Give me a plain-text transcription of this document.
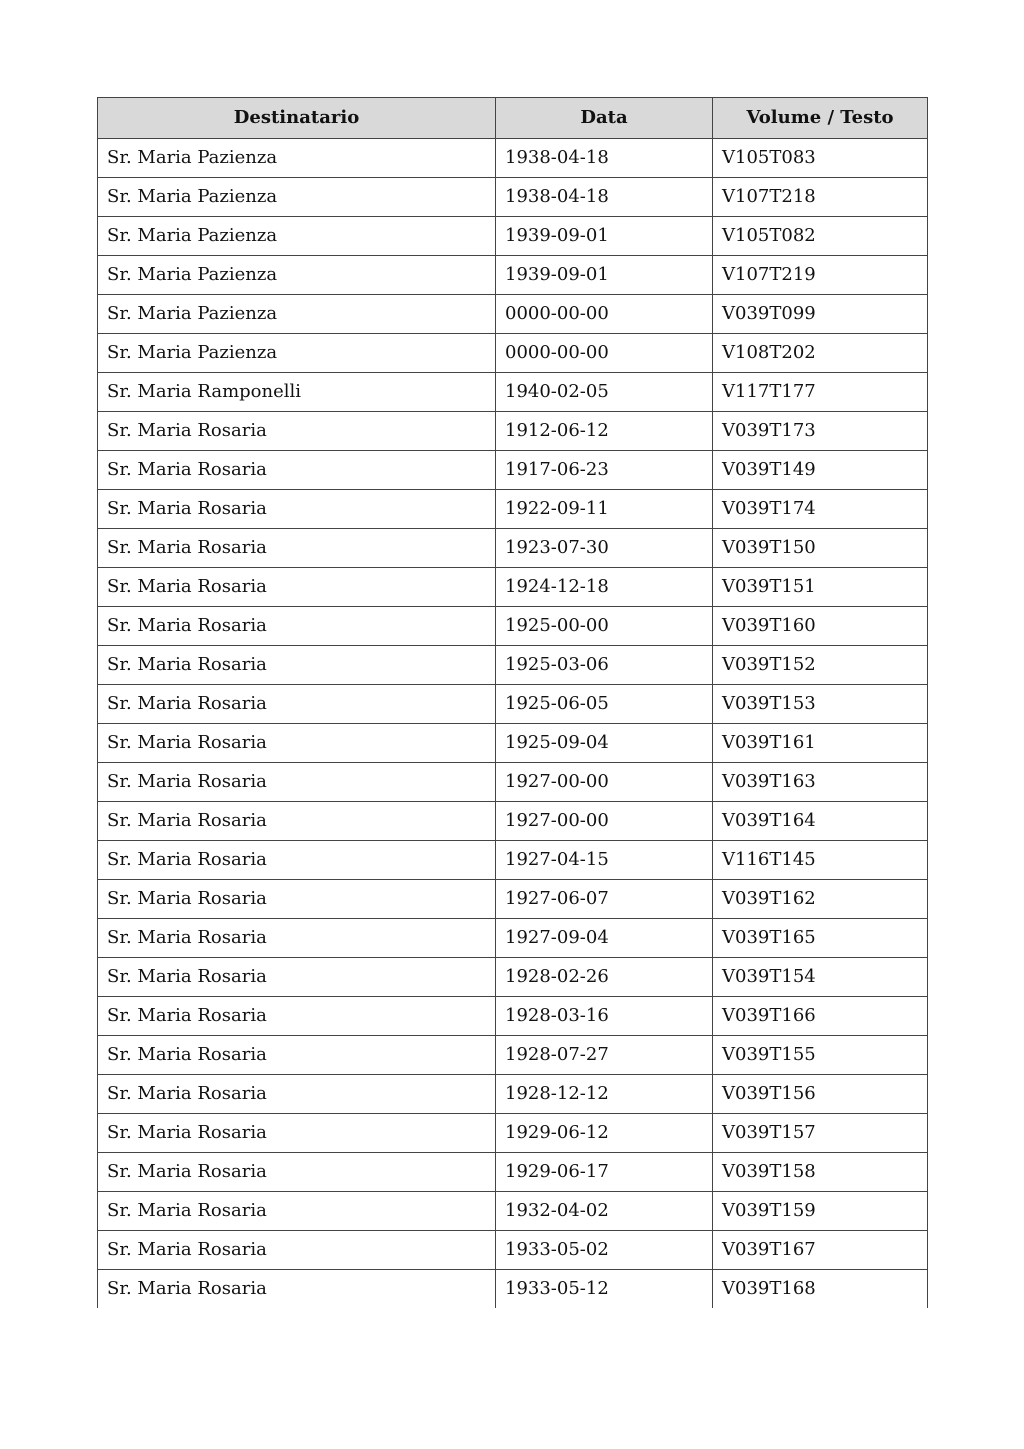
Destinatario	Data	Volume / Testo
Sr. Maria Pazienza	1938-04-18	V105T083
Sr. Maria Pazienza	1938-04-18	V107T218
Sr. Maria Pazienza	1939-09-01	V105T082
Sr. Maria Pazienza	1939-09-01	V107T219
Sr. Maria Pazienza	0000-00-00	V039T099
Sr. Maria Pazienza	0000-00-00	V108T202
Sr. Maria Ramponelli	1940-02-05	V117T177
Sr. Maria Rosaria	1912-06-12	V039T173
Sr. Maria Rosaria	1917-06-23	V039T149
Sr. Maria Rosaria	1922-09-11	V039T174
Sr. Maria Rosaria	1923-07-30	V039T150
Sr. Maria Rosaria	1924-12-18	V039T151
Sr. Maria Rosaria	1925-00-00	V039T160
Sr. Maria Rosaria	1925-03-06	V039T152
Sr. Maria Rosaria	1925-06-05	V039T153
Sr. Maria Rosaria	1925-09-04	V039T161
Sr. Maria Rosaria	1927-00-00	V039T163
Sr. Maria Rosaria	1927-00-00	V039T164
Sr. Maria Rosaria	1927-04-15	V116T145
Sr. Maria Rosaria	1927-06-07	V039T162
Sr. Maria Rosaria	1927-09-04	V039T165
Sr. Maria Rosaria	1928-02-26	V039T154
Sr. Maria Rosaria	1928-03-16	V039T166
Sr. Maria Rosaria	1928-07-27	V039T155
Sr. Maria Rosaria	1928-12-12	V039T156
Sr. Maria Rosaria	1929-06-12	V039T157
Sr. Maria Rosaria	1929-06-17	V039T158
Sr. Maria Rosaria	1932-04-02	V039T159
Sr. Maria Rosaria	1933-05-02	V039T167
Sr. Maria Rosaria	1933-05-12	V039T168
